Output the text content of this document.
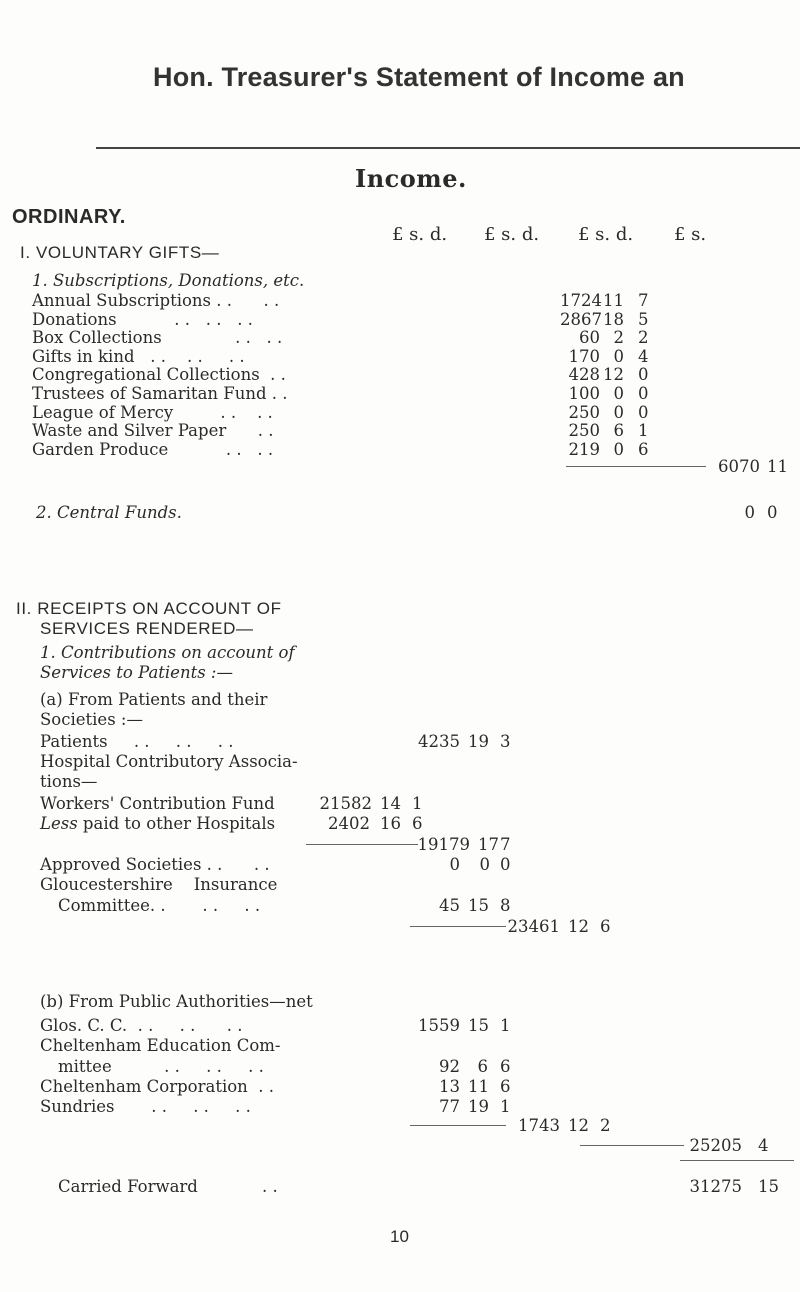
Hon. Treasurer's Statement of Income an
Income.
ORDINARY.
£ s. d. £ s. d. £ s. d. £ s.
I. VOLUNTARY GIFTS—
1. Subscriptions, Donations, etc.
Annual Subscriptions . .      . .	1724 11 7
Donations           . .   . .   . .	2867 18 5
Box Collections              . .   . .	60 2 2
Gifts in kind   . .    . .     . .	170 0 4
Congregational Collections  . .	428 12 0
Trustees of Samaritan Fund . .	100 0 0
League of Mercy         . .    . .	250 0 0
Waste and Silver Paper      . .	250 6 1
Garden Produce           . .   . .	219 0 6
6070 11
2. Central Funds.	0 0
II. RECEIPTS ON ACCOUNT OF
SERVICES RENDERED—
1. Contributions on account of
Services to Patients :—
(a) From Patients and their
Societies :—
Patients     . .     . .     . .	4235 19 3
Hospital Contributory Associa-
tions—
Workers' Contribution Fund	21582 14 1
Less paid to other Hospitals	2402 16 6
19179 17 7
Approved Societies . .      . .	0	0 0
Gloucestershire    Insurance
Committee. .       . .     . .	45 15 8
23461 12 6
(b) From Public Authorities—net
Glos. C. C.  . .     . .      . .	1559 15 1
Cheltenham Education Com-
mittee          . .     . .     . .	92	6 6
Cheltenham Corporation  . .	13 11 6
Sundries       . .     . .     . .	77 19 1
1743 12 2
25205 4
Carried Forward	. .	31275 15
10
